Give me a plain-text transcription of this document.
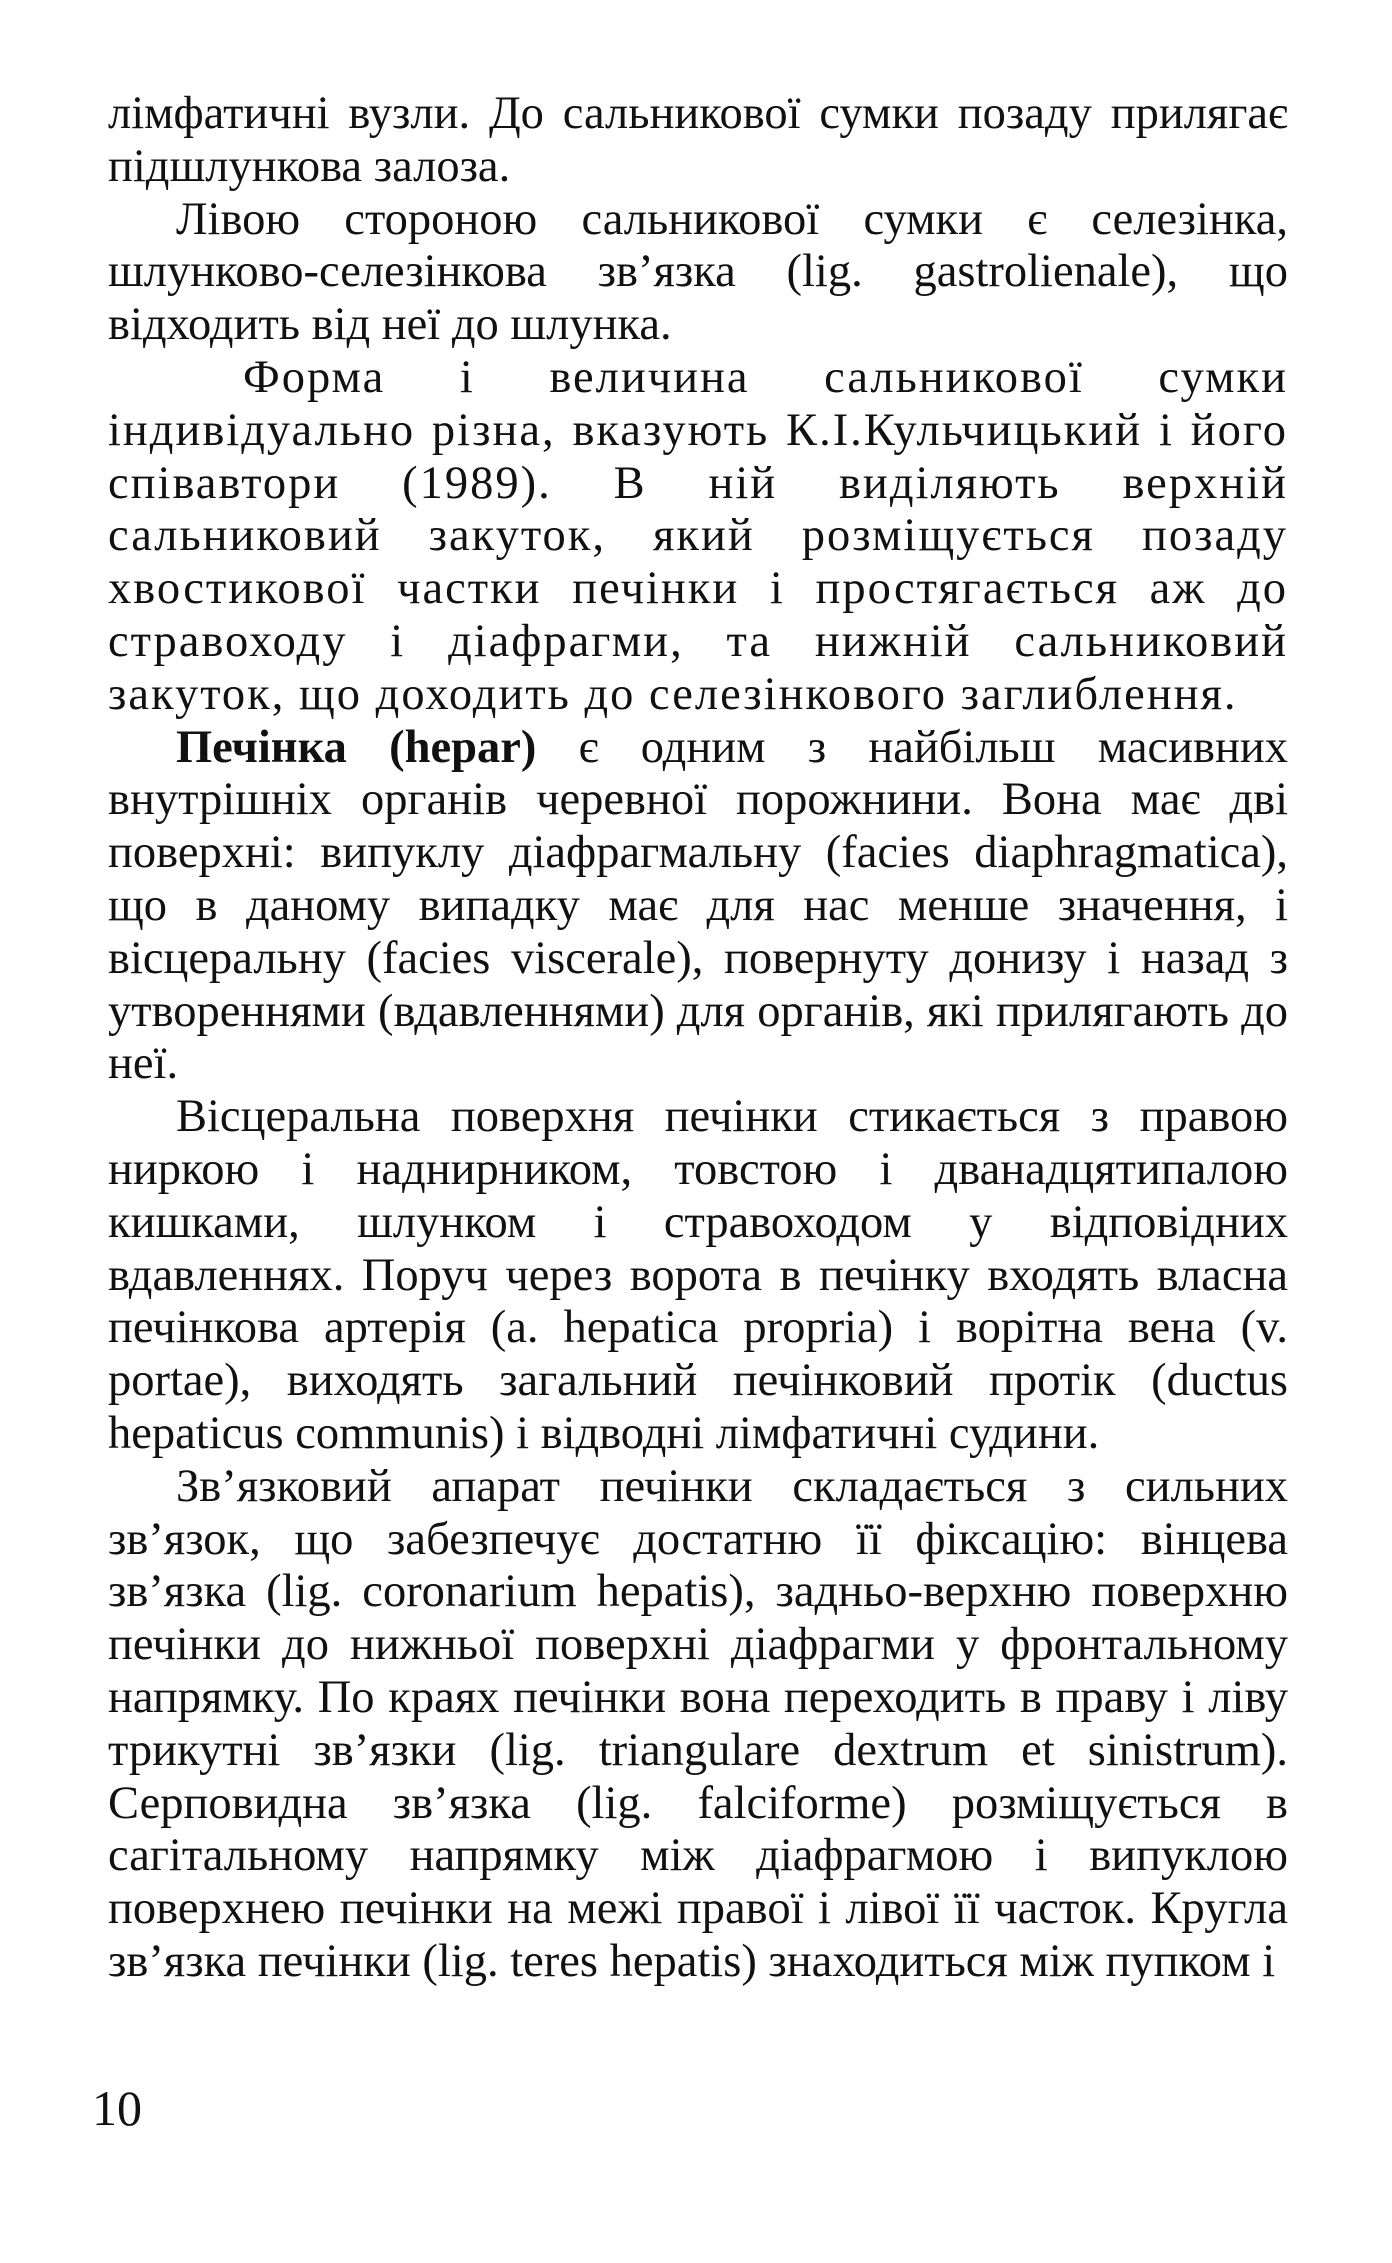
лімфатичні вузли. До сальникової сумки позаду прилягає підшлункова залоза.

Лівою стороною сальникової сумки є селезінка, шлунково-селезінкова зв’язка (lig. gastrolienale), що відходить від неї до шлунка.

Форма і величина сальникової сумки індивідуально різна, вказують К.І.Кульчицький і його співавтори (1989). В ній виділяють верхній сальниковий закуток, який розміщується позаду хвостикової частки печінки і простягається аж до стравоходу і діафрагми, та нижній сальниковий закуток, що доходить до селезінкового заглиблення.

Печінка (hepar) є одним з найбільш масивних внутрішніх органів черевної порожнини. Вона має дві поверхні: випуклу діафрагмальну (facies diaphragmatica), що в даному випадку має для нас менше значення, і вісцеральну (facies viscerale), повернуту донизу і назад з утвореннями (вдавленнями) для органів, які прилягають до неї.

Вісцеральна поверхня печінки стикається з правою ниркою і наднирником, товстою і дванадцятипалою кишками, шлунком і стравоходом у відповідних вдавленнях. Поруч через ворота в печінку входять власна печінкова артерія (a. hepatica propria) і ворітна вена (v. portae), виходять загальний печінковий протік (ductus hepaticus communis) і відводні лімфатичні судини.

Зв’язковий апарат печінки складається з сильних зв’язок, що забезпечує достатню її фіксацію: вінцева зв’язка (lig. coronarium hepatis), задньо-верхню поверхню печінки до нижньої поверхні діафрагми у фронтальному напрямку. По краях печінки вона переходить в праву і ліву трикутні зв’язки (lig. triangulare dextrum et sinistrum). Серповидна зв’язка (lig. falciforme) розміщується в сагітальному напрямку між діафрагмою і випуклою поверхнею печінки на межі правої і лівої її часток. Кругла зв’язка печінки (lig. teres hepatis) знаходиться між пупком і

10
